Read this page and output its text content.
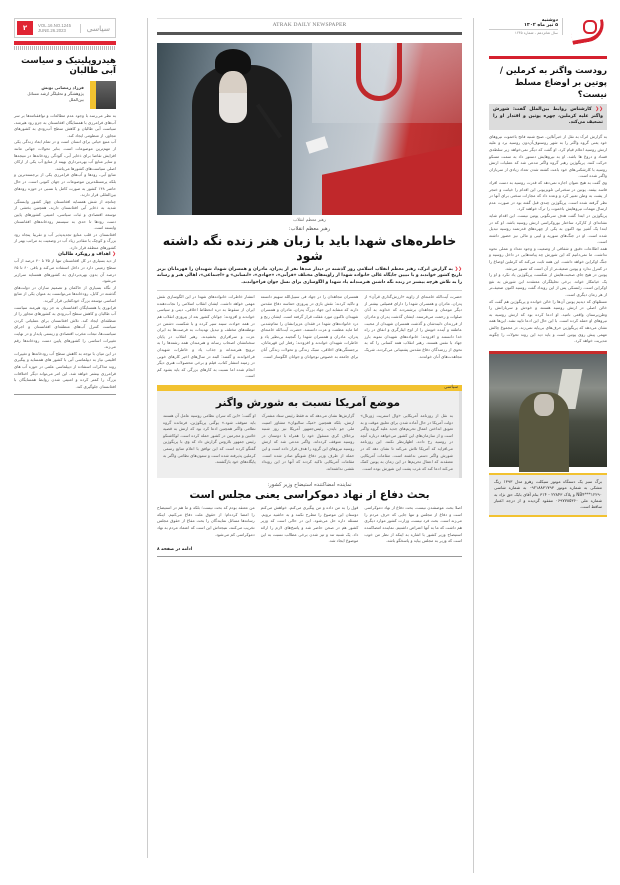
۲	VOL.16.NO.1245
JUNE.26.2023	سیاسی
هیدروپلیتیک و سیاست آبی طالبان
فرزاد رمضانی بونش
پژوهشگر و تحلیلگر ارشد مسائل بین‌الملل

به نظر می‌رسد با وجود عدم مطالعات و توافقنامه‌ها بر سر آب‌های فرامرزی با همسایگان افغانستان به جزو رود هیرمند، سیاست آبی طالبان و کاهش سطح آب‌رودی به کشورهای مجاور، از منظومی ایجاد کند.

آب منبع حیاتی برای انسان است و در تمام ابعاد زندگی یکی از مهم‌ترین موضوعات است. بنابر تحولات جهانی مانند افزایش تقاضا برای ذخایر آبی، آلودگی رودخانه‌ها در نتیجه‌ها و سایر منابع آب بهره‌برداری بهینه از منابع آب یکی از ارکان اصلی سیاست‌های کشورها می‌باشد.

منابع آبی، رودها و آب‌های فرامرزی یکی از برجسته‌ترین و بلکه پرمسئله‌ترین موضوعات در جهان کنونی است. در حال حاضر ۱۴۸ کشور به صورت کامل یا نسبی در حوزه رودهای بین‌المللی قرار دارند.

چنانچه از شش همسایه افغانستان چهار کشور وابستگی شدید به ذخایر آبی افغانستان دارند، همچنین بخشی از توسعه اقتصادی و ثبات سیاسی، امنیتی کشورهای پایین دست رودها تا حدی به سیستم رودخانه‌های افغانستان وابسته است.

افغانستان در قلب منابع تجدیدپذیر آب و تقریبا پنجاه رود بزرگ و کوچک با مقادیر زیاد آب در وضعیت به مراتب بهتر از کشورهای منطقه قرار دارد.

❮ اهداف و رویکرد طالبان

از دید بسیاری در کل افغانستان تنها از ۳۵ تا ۴۰ درصد از آب سطح زمینی دارد در داخل استفاده می‌کند و باقی ۶۰ تا ۶۵ درصد آن بدون بهره‌برداری به کشورهای همسایه سرازیر می‌شود.

از نگاه بسیاری از حاکمان و تصمیم سازان در دولت‌های گذشته در کابل، رودخانه‌ها می‌توانست به عنوان یکی از منابع اساسی توسعه بزرگ خودکفایی قرار گیرند.

فرانوری یا همسایگان افغانستان به جز رود هیرمند سیاست آب طالبان و کاهش سطح آب‌رودی به کشورهای مجاور را از منطقه‌ای ایجاد کند. تلاش افغانستان برای عملیاتی کردن سیاست کنترل آب‌های منطقه‌ای افغانستان و اجرای سیاست‌ها، تبعات مخرب اقتصادی و زیستی پایدار و در نهایت تغییرات اساسی را کشورهای پایین دست رودخانه‌ها رقم می‌زند.

در این میان با توجه به کاهش سطح آب رودخانه‌ها و تغییرات اقلیمی نیاز به دیپلماسی آبی با کشور های همسایه و پیگیری روند مذاکرات استفاده از دیپلماسی علمی در حوزه آب های فرامرزی بیشتر خواهد شد. این امر می‌تواند دیگر اختلافات بزرگ را کمتر کرده و امنیتی شدن روابط همسایگان با افغانستان جلوگیری کند.

ATRAK DAILY NEWSPAPER
رهبر معظم انقلاب
رهبر معظم انقلاب:
خاطره‌های شهدا باید با زبان هنر زنده نگه داشته شود
❮❮ به گزارش اترک، رهبر معظم انقلاب اسلامی روز گذشته در دیدار صدها نفر از پدران، مادران و همسران شهدا، شهیدان را قهرمانان برتر تاریخ کشور خواندند و با تبیین جایگاه عالی خانواده شهدا از زاویه‌های مختلف «قرآنی»، «جهادی»، «انسانی» و «اجتماعی»، اهالی هنر و رسانه را به تلاش هرچه بیشتر در زنده نگه داشتن هنرمندانه یاد شهدا و الگوسازی برای نسل جوان فراخواندند.
حضرت آیت‌الله خامنه‌ای از زاویه «ارزش‌گذاری قرآن» از پدران، مادران و همسران شهدا را دارای فضیلتی بیشتر از دیگر مومنان و مجاهدان برشمردند که خداوند به آنان صلوات و رحمت می‌فرستد. ایشان گذشت پدران و مادران از فرزندان دلبندشان و گذشت همسران شهیدان از محبت عاطفه و آینده خویش را از اوج ایثارگری و انفاق در راه خدا دانستند و افزودند: خانواده‌های شهیدان نمونه بارز جهاد با نفس هستند. رهبر انقلاب همه کسانی را که به نحوی از رزمندگان دفاع مقدس پشتیبانی می‌کردند، شریک مجاهدت‌های آنان خواندند.
همسران مجاهدان را در جهاد فی سبیل‌الله سهیم دانسته و تاکید کردند: نقش بازی در پیروزی حماسه دفاع مقدس دارند که مشابه این جهاد بزرگ پدران، مادران و همسران شهیدان تاکنون مورد غفلت قرار گرفته است. ایشان رنج و درد خانواده‌های شهدا در فقدان عزیزانشان را تمام‌شدنی اما مایه عظمت و عزت دانستند. حضرت آیت‌الله خامنه‌ای پدران، مادران و همسران شهدا را گنجینه بی‌نظیر یاد و خاطرات شهیدان خواندند و افزودند: رفتار این قهرمانان، برجستگی‌های اخلاقی، سبک زندگی و تحولات زندگی آنان برای جامعه به خصوص نوجوانان و جوانان الگوساز است.
انتشار خاطرات خانواده‌های شهدا در این الگوسازی نقش مهمی خواهد داشت. ایشان انقلاب اسلامی را نجات‌دهنده ایران از سقوط به دره انحطاط اخلاقی، دینی و سیاسی خواندند و افزودند: جوانان کشور بعد از پیروزی انقلاب هم در همه حوادث سینه سپر کرده و با شکست دشمن در توطئه‌های مختلف و تبدیل تهدیدات به فرصت‌ها به ایران عزت و سرافرازی بخشیدند. رهبر انقلاب در پایان سخنانشان اصحاب رسانه و هنرمندان همه رشته‌ها را به ترویج هنرمندانه و جذاب یاد و خاطرات شهیدان فراخواندند و گفتند: البته در سال‌های اخیر کارهای خوبی در زمینه انتشار کتاب، فیلم و برخی محصولات هنری دیگر انجام شده اما نسبت به کارهای بزرگی که باید بشود کم است.
سیاسی
موضع آمریکا نسبت به شورش واگنر
به نقل از روزنامه آمریکایی «وال استریت ژورنال» دولت آمریکا در حال آماده شدن برای تعلیق موقت و به تعویق انداختن اعمال تحریم‌های جدید علیه گروه واگنر است و از سازمان‌های این کشور می‌خواهد درباره آنچه در روسیه رخ داده، اظهارنظر نکنند. این روزنامه می‌افزاید که آمریکا تلاش می‌کند تا نشان دهد که در شورش واگنر دستی نداشته است. مقامات آمریکایی معتقدند که اعمال تحریم‌ها در این زمان به پوتین کمک می‌کند ادعا کند که غرب پشت این شورش بوده است.
گزارش‌ها نشان می‌دهد که نه فقط رئیس ستاد مشترک ارتش، بلکه همچنین «میک سالیوان» مشاور امنیت ملی جو بایدن، رئیس‌جمهور آمریکا نیز روز شنبه برخلاف کری مسئول خود را همراه با دوستان در روسیه متوقف کرده‌اند. واگنر مدعی شد که ارتش روسیه نیروهای این گروه را هدف قرار داده است و این حمله از طرف وزیر دفاع شویگو صادر شده است. مقامات آمریکایی تاکید کردند که آنها در این رویداد نقشی نداشته‌اند.
او گفت: «این که سران نظامی روسیه عامل آن هستند باید متوقف شود.» یوگنی پریگوژین، فرمانده گروه نظامی واگنر همچنین ادعا کرد بود که ارتش به قضیه خائنین و مجرمین در کشور حمله کرده است. لوکاشنکو رئیس جمهور بلاروس گزارش داد که وی با پریگوژین گفتگو کرده است که این توافق با اعلام منابع رسمی کرملین پذیرفته شده است و ستون‌های نظامی واگنر به پایگاه‌های خود بازگشتند.
نماینده امضاکننده استیضاح وزیر کشور:
بحث دفاع از نهاد دموکراسی یعنی مجلس است
اصلا بحث عوضشدن نیست، بحث دفاع از نهاد دموکراسی است و دفاع از مجلس و تنها جایی که حرف مردم را می‌زند است. بحث فرد نیست، وزارت کشور موارد دیگری هم داشت که ما به آنها اعتراض داشتیم. نماینده امضاکننده استیضاح وزیر کشور با اشاره به اینکه از نظر من خوب است که وزیر به مجلس بیاید و پاسخگو باشد.
قول را به من داده و من پیگیری می‌کنم. خواهش می‌کنم دوستان این موضوع را مطرح نکنند و به حاشیه نرویم. مسئله داره حل می‌شود. این در حالی است که وزیر کشور هم در صحن حاضر شد و پاسخ‌های لازم را ارائه داد. یک شنبه تند و تیز شدن برخی مطالب نسبت به این موضوع ایجاد شد.
من معتقد بودم که بحث نیست؛ بلکه و ما هم در استیضاح را امضا کرده‌ام؛ از حقوق ملت دفاع می‌کنیم. اینکه رسانه‌ها مسائل نمایندگان را بحث مفاع از حقوق مجلس تخریب می‌کنند، نتیجه‌اش این است که اعتماد مردم به نهاد دموکراسی کم می‌شود.
ادامه در صفحه ۸
دوشنبه
۵ تیر ماه ۱۴۰۲
سال شانزدهم - شماره ۱۲۴۵
رودست واگنر به کرملین / پوتین بر اوضاع مسلط نیست؟
❮❮ کارشناس روابط بین‌الملل گفت: شورش واگنر علیه کرملین، چهره پوتین و اقتدار او را تضعیف می‌کند.

به گزارش اترک به نقل از خبرآنلاین، صبح شنبه فاتح باخموت نیروهای خود یعنی گروه واگنر را به شهر روستوف‌آن‌دون روسیه برد و علیه ارتش روسیه اعلام قیام کرد. او گفت که دیگر نمی‌خواهد زیر سلطه‌ی فساد و دروغ ها باشد. او به نیروهایش دستور داد به سمت مسکو حرکت کنند. پریگوژین رهبر گروه واگنر مدعی شد که عملیات ارتش روسیه با کارشکنی‌های خود باعث کشته شدن تعداد زیادی از سربازان واگنر شده است.

وی گفت به هیچ عنوان اجازه نمی‌دهد که قدرت روسیه به دست افراد فاسد بیفتد. پوتین در سخنرانی تلویزیونی این اقدام را خیانت و خنجر از پشت به وطن تعبیر کرد و وعده داد که مجازات سختی برای آنها در نظر گرفته شده است. پریگوژین چندی قبل گفته بود در صورت عدم ارسال مهمات نیروهایش باخموت را ترک خواهند کرد.

پریگوژین در ابتدا گفت هدف سرنگونی پوتین نیست. این اقدام شاید نشانه‌ای از کارکرد ساختار بوروکراسی ارتش روسیه باشد. او که در ابتدا یک آشپز بود اکنون به یکی از چهره‌های قدرتمند روسیه تبدیل شده است. او در جنگ‌های سوریه و لیبی و مالی نیز حضور داشته است.

همه اطلاعات دقیق و شفافی از وضعیت و وجود تعداد و عملی نحوه نداشت. ما نمی‌دانیم که این شورش چه پیامدهایی در داخل روسیه و جنگ اوکراین خواهد داشت. این همه ثابت می‌کند که کرملین اوضاع را در کنترل ندارد و پوتین ضعیف‌تر از آن است که تصور می‌شد.

پوتین در هیچ جای صحبت‌هایش از شکست پریگوژین یاد نکرد و او را یک خیانتکار خواند. برخی تحلیلگران معتقدند این شورش به نفع اوکراین است. زلنسکی پس از این رویداد گفت روسیه اکنون ضعیف‌تر از هر زمان دیگری است.

مسئلهای که دیدیم پوتین آن‌ها را خائن خوانده و پریگوژین هم گفت که خائن اصلی در ارتش روسیه هستند و خودش و سربازانش را وطن‌پرستان واقعی نامید. او ادعا کرده بود که ارتش روسیه به نیروهای او حمله کرده است. با این حال این ادعا تایید نشد. این‌ها همه نشان می‌دهد که پریگوژین حرف‌های بی‌پایه نمی‌زند. در مجموع چالش مهمی پیش روی پوتین است و باید دید این روند تحولات را چگونه مدیریت خواهد کرد.

برگ سبز یک دستگاه موتور سیکلت رهرو مدل ۱۳۹۳ رنگ مشکی به شماره موتور ۰۹۲۱۸۸۳۱۷۹۳ به شماره شاسی NB۴***۱۲۲۹۰ و پلاک ۲۲۸۴۳ - ۳۱۴ بنام آقای بابک حق نژاد به شماره ملی ۰۶۹۷۷۸۵۳۶۰ مفقود گردیده و از درجه اعتبار ساقط است.
